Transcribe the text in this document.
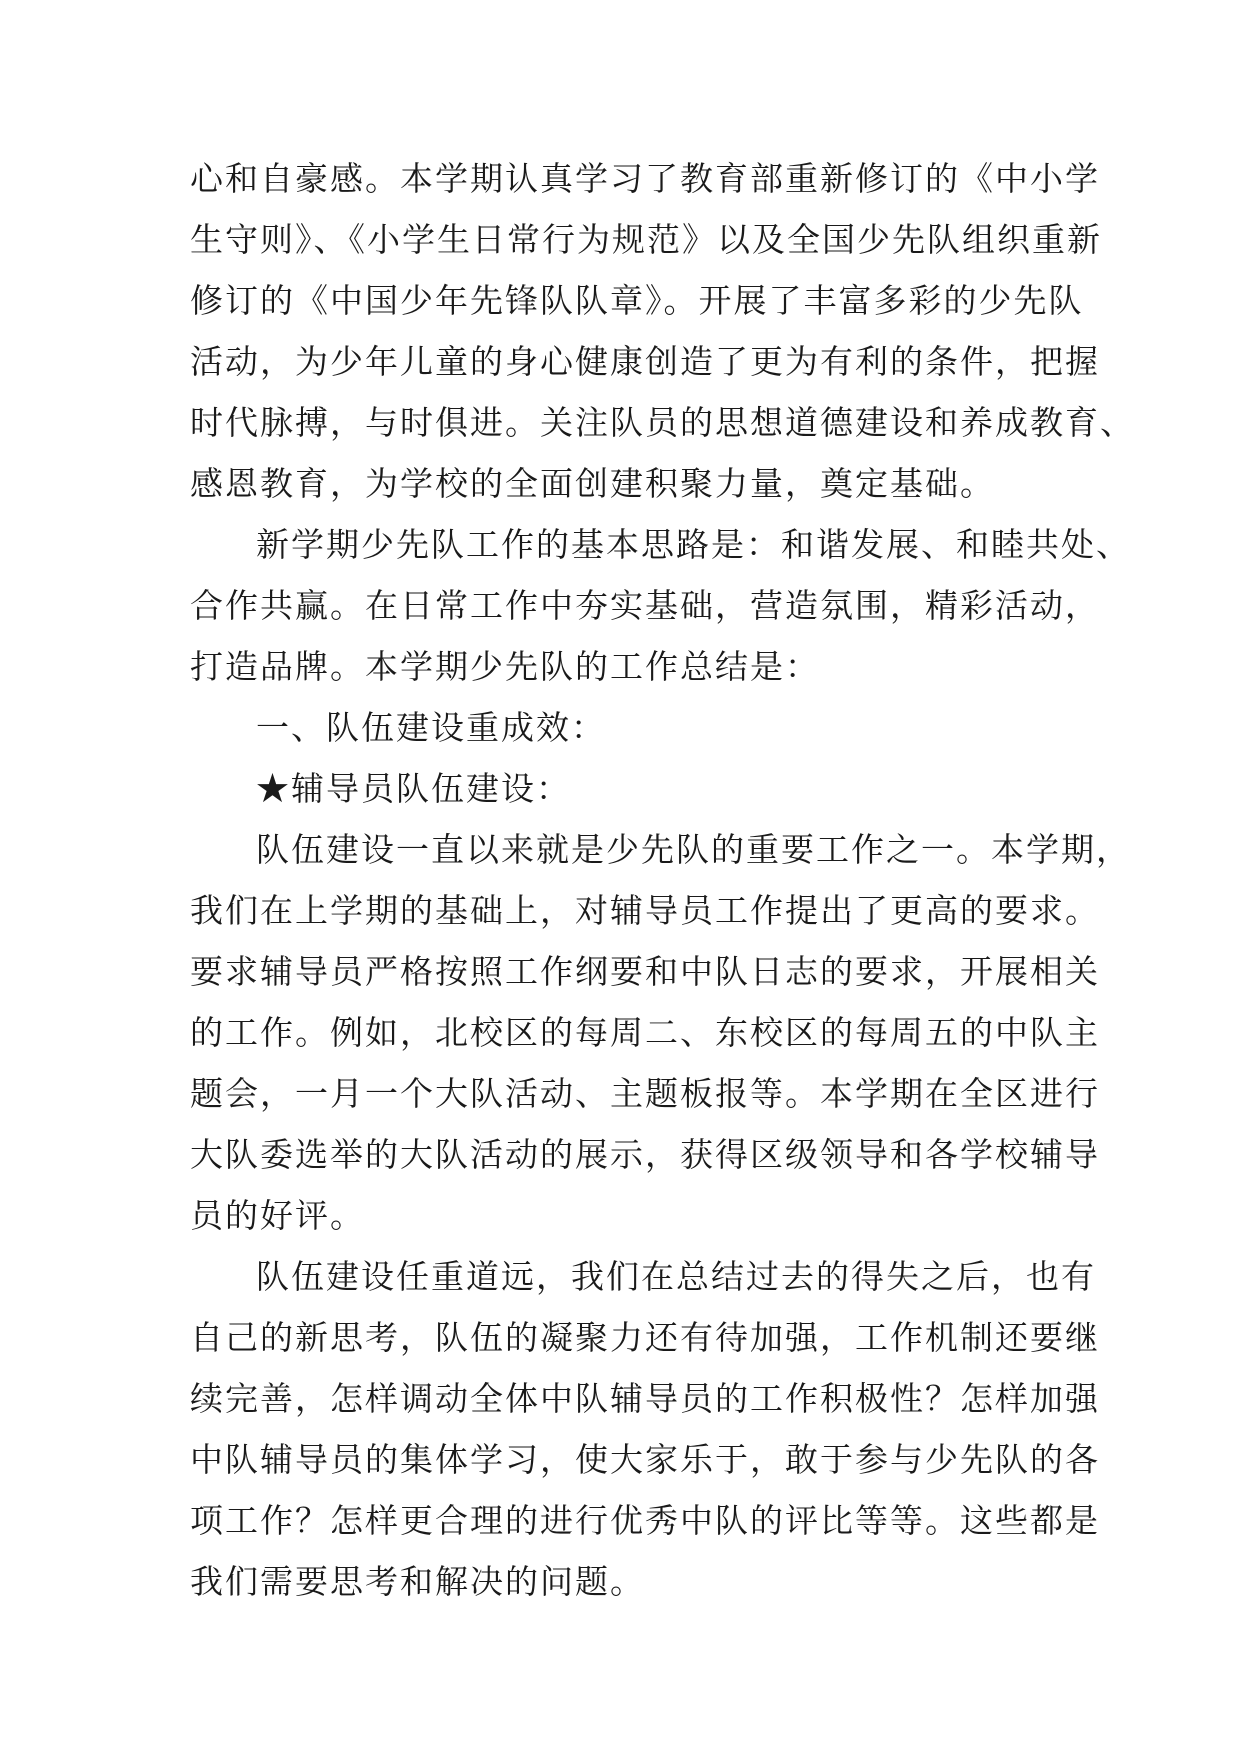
心和自豪感。本学期认真学习了教育部重新修订的《中小学
生守则》、《小学生日常行为规范》以及全国少先队组织重新
修订的《中国少年先锋队队章》。开展了丰富多彩的少先队
活动，为少年儿童的身心健康创造了更为有利的条件，把握
时代脉搏，与时俱进。关注队员的思想道德建设和养成教育、
感恩教育，为学校的全面创建积聚力量，奠定基础。
新学期少先队工作的基本思路是：和谐发展、和睦共处、
合作共赢。在日常工作中夯实基础，营造氛围，精彩活动，
打造品牌。本学期少先队的工作总结是：
一、队伍建设重成效：
★辅导员队伍建设：
队伍建设一直以来就是少先队的重要工作之一。本学期，
我们在上学期的基础上，对辅导员工作提出了更高的要求。
要求辅导员严格按照工作纲要和中队日志的要求，开展相关
的工作。例如，北校区的每周二、东校区的每周五的中队主
题会，一月一个大队活动、主题板报等。本学期在全区进行
大队委选举的大队活动的展示，获得区级领导和各学校辅导
员的好评。
队伍建设任重道远，我们在总结过去的得失之后，也有
自己的新思考，队伍的凝聚力还有待加强，工作机制还要继
续完善，怎样调动全体中队辅导员的工作积极性？怎样加强
中队辅导员的集体学习，使大家乐于，敢于参与少先队的各
项工作？怎样更合理的进行优秀中队的评比等等。这些都是
我们需要思考和解决的问题。
